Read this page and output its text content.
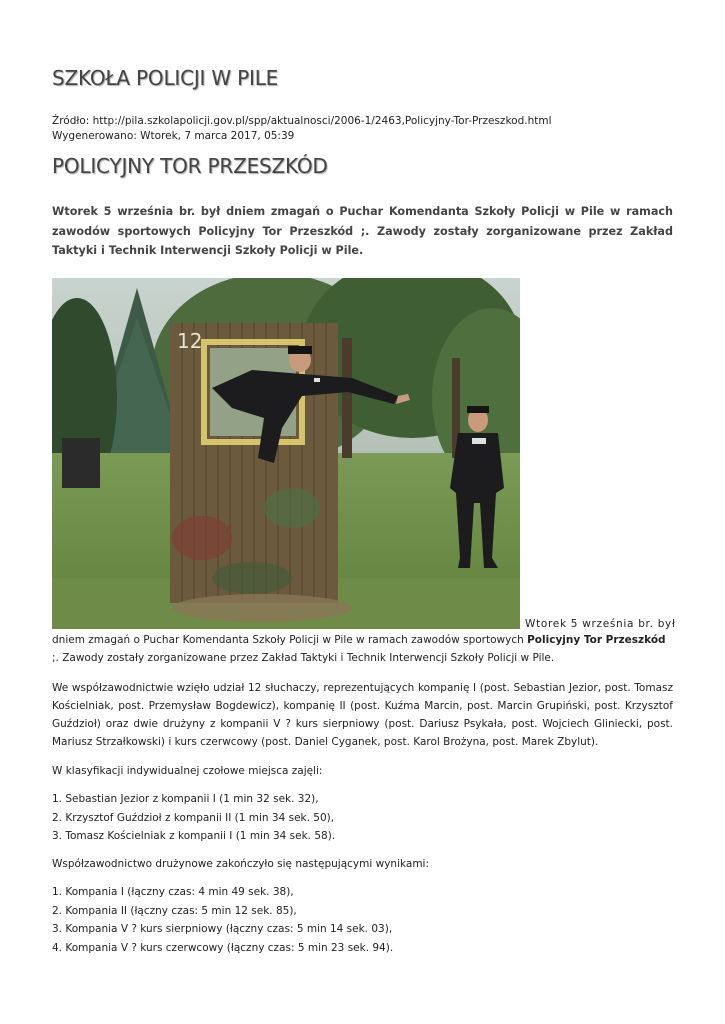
SZKOŁA POLICJI W PILE
Źródło: http://pila.szkolapolicji.gov.pl/spp/aktualnosci/2006-1/2463,Policyjny-Tor-Przeszkod.html
Wygenerowano: Wtorek, 7 marca 2017, 05:39
POLICYJNY TOR PRZESZKÓD

Wtorek 5 września br. był dniem zmagań o Puchar Komendanta Szkoły Policji w Pile w ramach zawodów sportowych Policyjny Tor Przeszkód ;. Zawody zostały zorganizowane przez Zakład Taktyki i Technik Interwencji Szkoły Policji w Pile.

12
Wtorek 5 września br. był
dniem zmagań o Puchar Komendanta Szkoły Policji w Pile w ramach zawodów sportowych Policyjny Tor Przeszkód ;. Zawody zostały zorganizowane przez Zakład Taktyki i Technik Interwencji Szkoły Policji w Pile.

We współzawodnictwie wzięło udział 12 słuchaczy, reprezentujących kompanię I (post. Sebastian Jezior, post. Tomasz Kościelniak, post. Przemysław Bogdewicz), kompanię II (post. Kuźma Marcin, post. Marcin Grupiński, post. Krzysztof Guździoł) oraz dwie drużyny z kompanii V ? kurs sierpniowy (post. Dariusz Psykała, post. Wojciech Gliniecki, post. Mariusz Strzałkowski) i kurs czerwcowy (post. Daniel Cyganek, post. Karol Brożyna, post. Marek Zbylut).

W klasyfikacji indywidualnej czołowe miejsca zajęli:

1. Sebastian Jezior z kompanii I (1 min 32 sek. 32),
2. Krzysztof Guździoł z kompanii II (1 min 34 sek. 50),
3. Tomasz Kościelniak z kompanii I (1 min 34 sek. 58).

Współzawodnictwo drużynowe zakończyło się następującymi wynikami:

1. Kompania I (łączny czas: 4 min 49 sek. 38),
2. Kompania II (łączny czas: 5 min 12 sek. 85),
3. Kompania V ? kurs sierpniowy (łączny czas: 5 min 14 sek. 03),
4. Kompania V ? kurs czerwcowy (łączny czas: 5 min 23 sek. 94).
